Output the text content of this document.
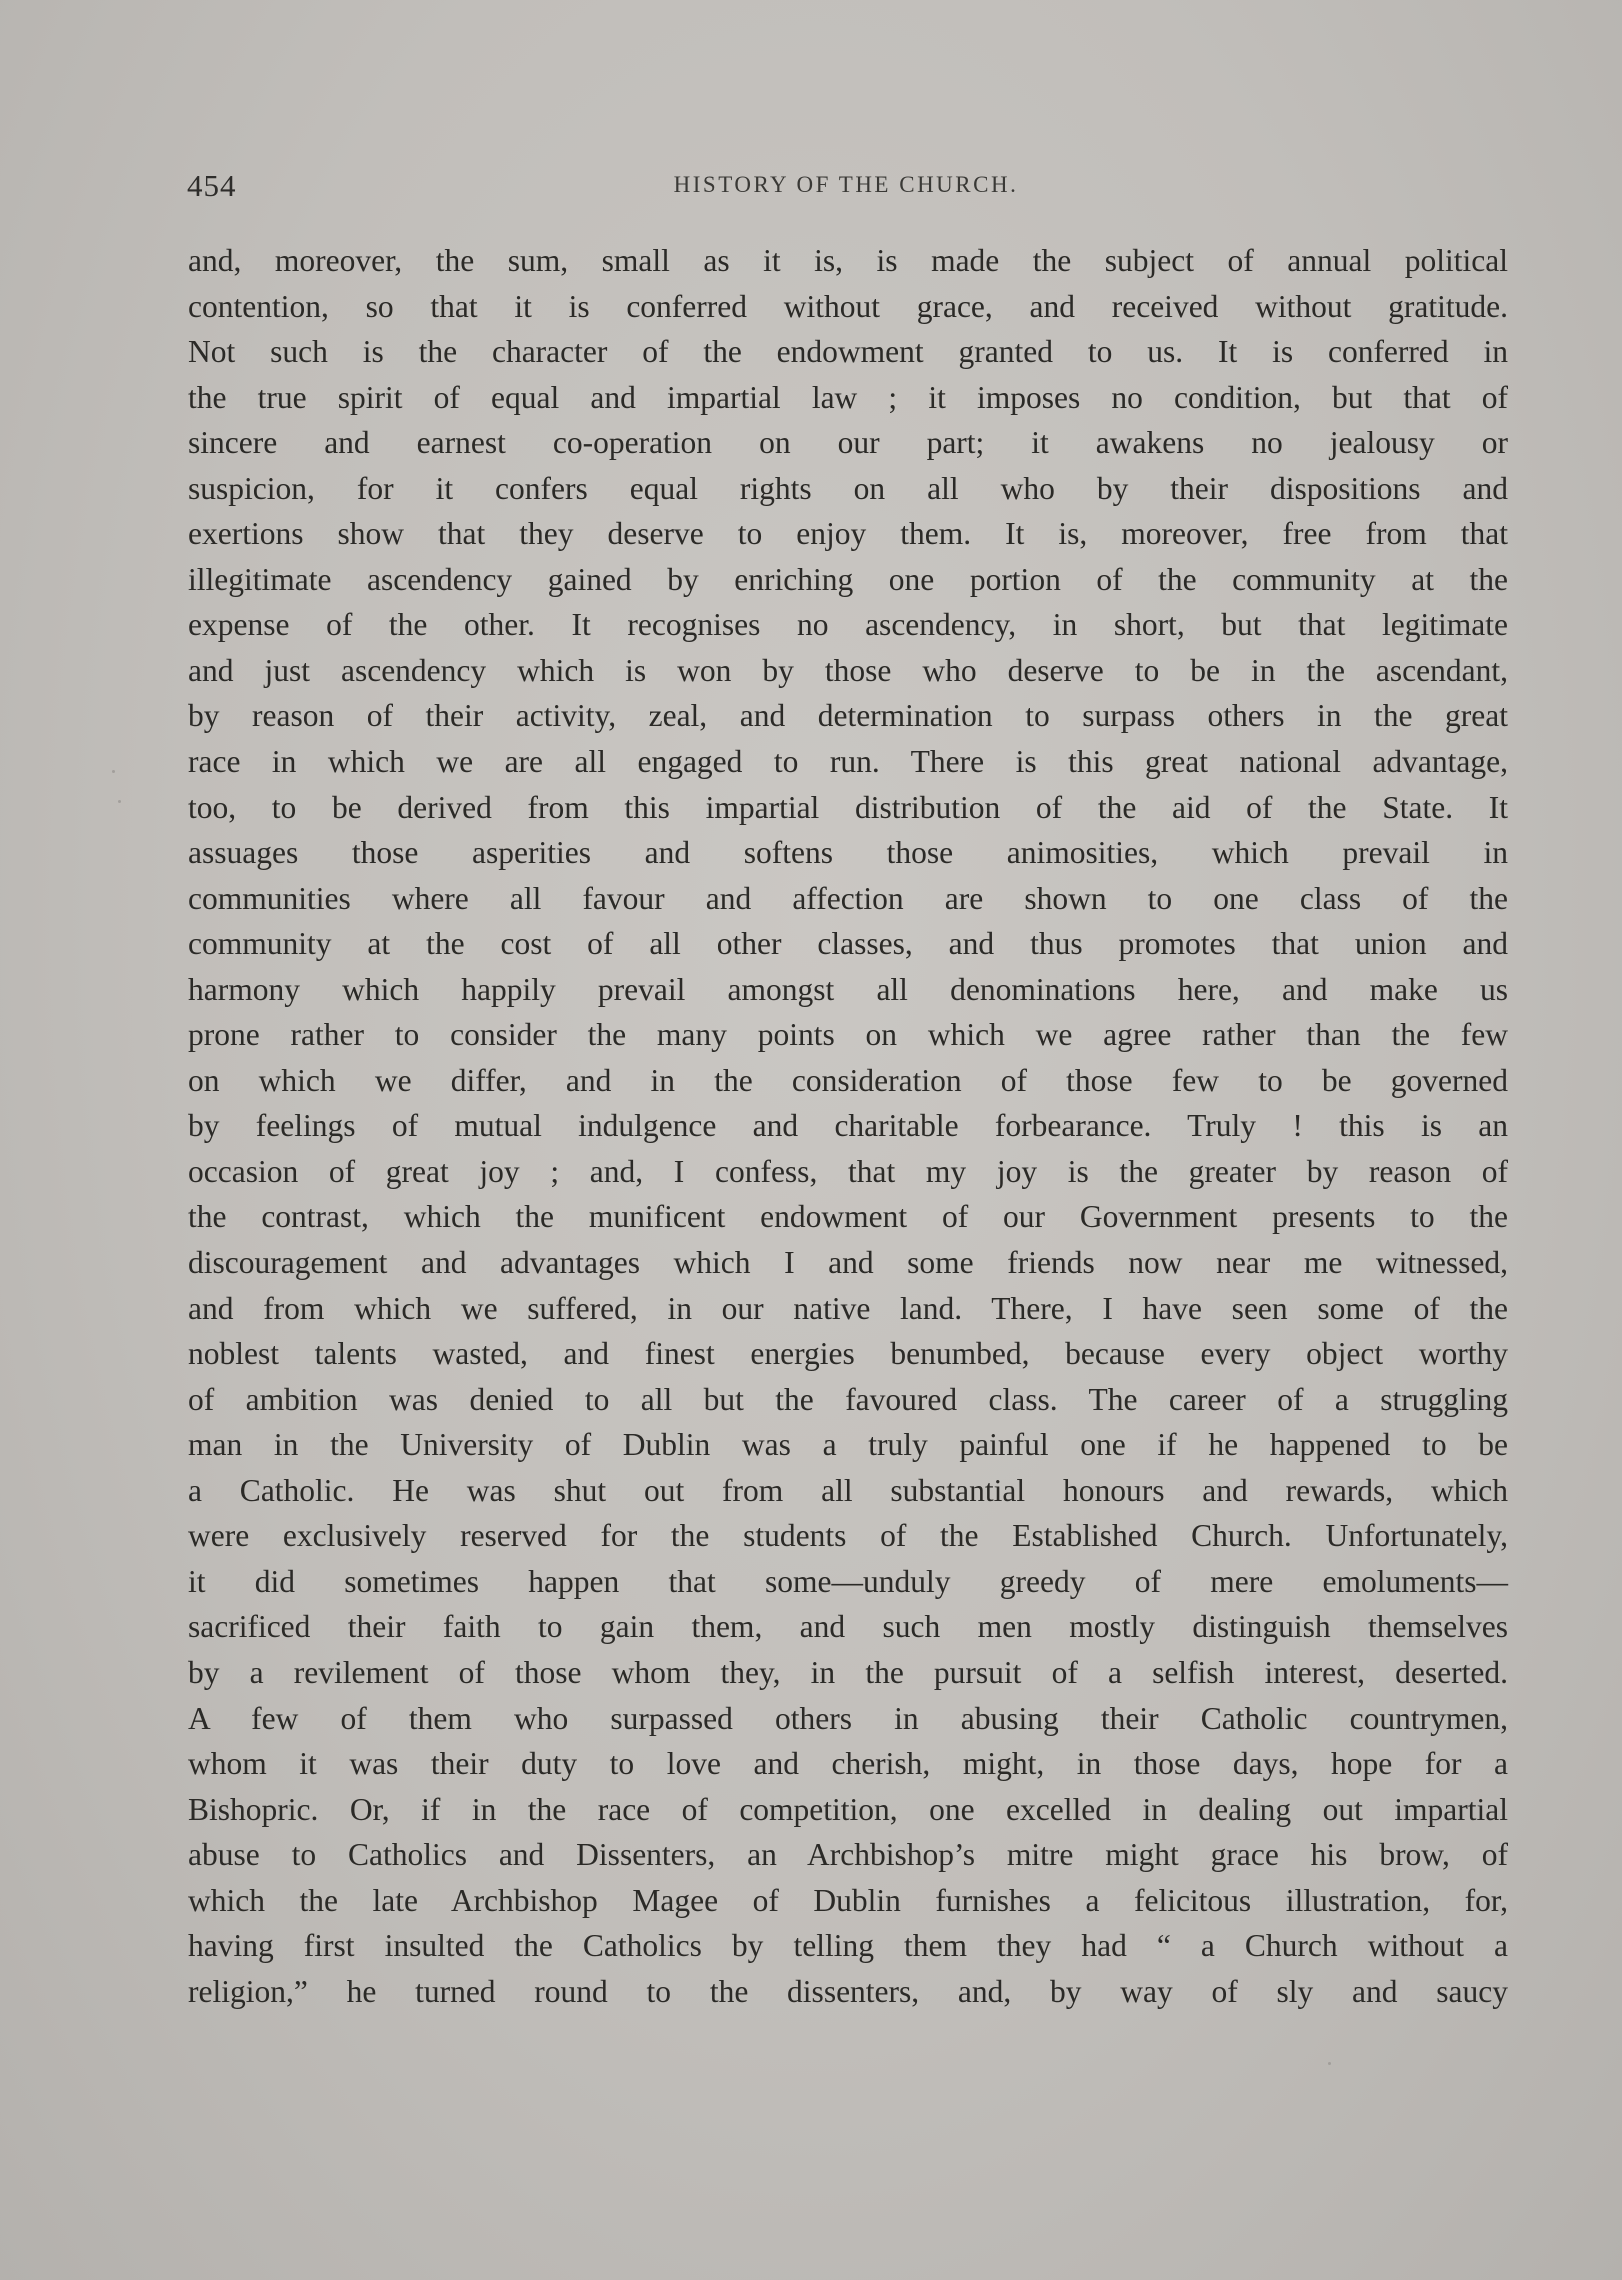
454	HISTORY OF THE CHURCH.
and, moreover, the sum, small as it is, is made the subject of annual political
contention, so that it is conferred without grace, and received without gratitude.
Not such is the character of the endowment granted to us. It is conferred in
the true spirit of equal and impartial law ; it imposes no condition, but that of
sincere and earnest co-operation on our part; it awakens no jealousy or
suspicion, for it confers equal rights on all who by their dispositions and
exertions show that they deserve to enjoy them. It is, moreover, free from that
illegitimate ascendency gained by enriching one portion of the community at the
expense of the other. It recognises no ascendency, in short, but that legitimate
and just ascendency which is won by those who deserve to be in the ascendant,
by reason of their activity, zeal, and determination to surpass others in the great
race in which we are all engaged to run. There is this great national advantage,
too, to be derived from this impartial distribution of the aid of the State. It
assuages those asperities and softens those animosities, which prevail in
communities where all favour and affection are shown to one class of the
community at the cost of all other classes, and thus promotes that union and
harmony which happily prevail amongst all denominations here, and make us
prone rather to consider the many points on which we agree rather than the few
on which we differ, and in the consideration of those few to be governed
by feelings of mutual indulgence and charitable forbearance. Truly ! this is an
occasion of great joy ; and, I confess, that my joy is the greater by reason of
the contrast, which the munificent endowment of our Government presents to the
discouragement and advantages which I and some friends now near me witnessed,
and from which we suffered, in our native land. There, I have seen some of the
noblest talents wasted, and finest energies benumbed, because every object worthy
of ambition was denied to all but the favoured class. The career of a struggling
man in the University of Dublin was a truly painful one if he happened to be
a Catholic. He was shut out from all substantial honours and rewards, which
were exclusively reserved for the students of the Established Church. Unfortunately,
it did sometimes happen that some—unduly greedy of mere emoluments—
sacrificed their faith to gain them, and such men mostly distinguish themselves
by a revilement of those whom they, in the pursuit of a selfish interest, deserted.
A few of them who surpassed others in abusing their Catholic countrymen,
whom it was their duty to love and cherish, might, in those days, hope for a
Bishopric. Or, if in the race of competition, one excelled in dealing out impartial
abuse to Catholics and Dissenters, an Archbishop’s mitre might grace his brow, of
which the late Archbishop Magee of Dublin furnishes a felicitous illustration, for,
having first insulted the Catholics by telling them they had “ a Church without a
religion,” he turned round to the dissenters, and, by way of sly and saucy
